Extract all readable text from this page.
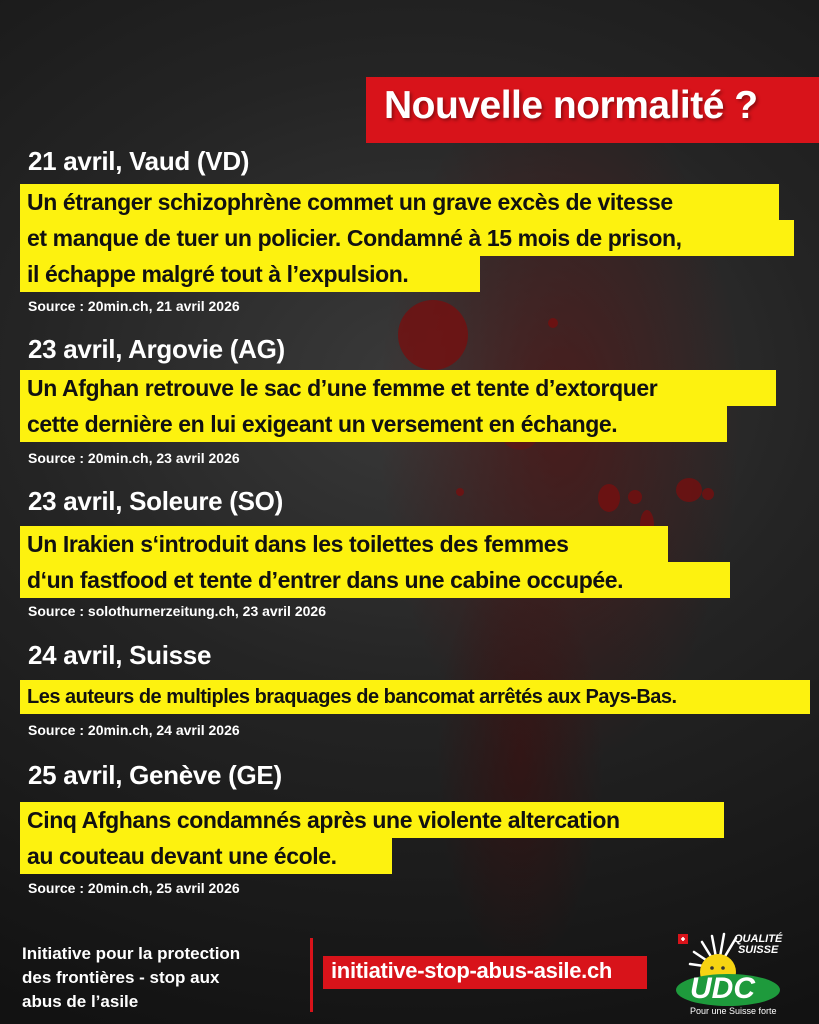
Nouvelle normalité ?
21 avril, Vaud (VD)
Un étranger schizophrène commet un grave excès de vitesse
et manque de tuer un policier. Condamné à 15 mois de prison,
il échappe malgré tout à l’expulsion.
Source : 20min.ch, 21 avril 2026
23 avril, Argovie (AG)
Un Afghan retrouve le sac d’une femme et tente d’extorquer
cette dernière en lui exigeant un versement en échange.
Source : 20min.ch, 23 avril 2026
23 avril, Soleure (SO)
Un Irakien s‘introduit dans les toilettes des femmes
d‘un fastfood et tente d’entrer dans une cabine occupée.
Source : solothurnerzeitung.ch, 23 avril 2026
24 avril, Suisse
Les auteurs de multiples braquages de bancomat arrêtés aux Pays-Bas.
Source : 20min.ch, 24 avril 2026
25 avril, Genève (GE)
Cinq Afghans condamnés après une violente altercation
au couteau devant une école.
Source : 20min.ch, 25 avril 2026
Initiative pour la protection
des frontières - stop aux
abus de l’asile
initiative-stop-abus-asile.ch
QUALITÉ
SUISSE
UDC
Pour une Suisse forte
